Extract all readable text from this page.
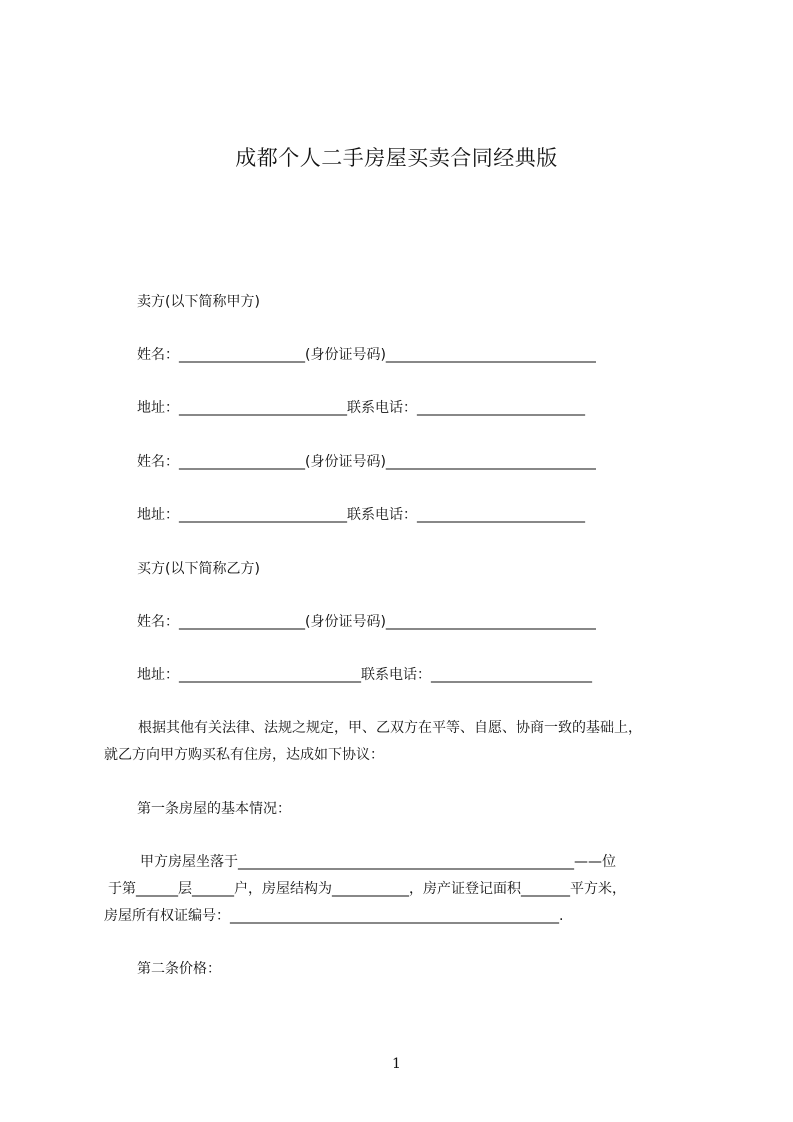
成都个人二手房屋买卖合同经典版
卖方(以下简称甲方)
姓名：__________________(身份证号码)______________________________
地址：________________________联系电话：________________________
姓名：__________________(身份证号码)______________________________
地址：________________________联系电话：________________________
买方(以下简称乙方)
姓名：__________________(身份证号码)______________________________
地址：__________________________联系电话：_______________________
根据其他有关法律、法规之规定，甲、乙双方在平等、自愿、协商一致的基础上，
就乙方向甲方购买私有住房，达成如下协议：
第一条房屋的基本情况：
甲方房屋坐落于________________________________________________——位
于第______层______户，房屋结构为___________，房产证登记面积_______平方米，
房屋所有权证编号：_______________________________________________.
第二条价格：
1
